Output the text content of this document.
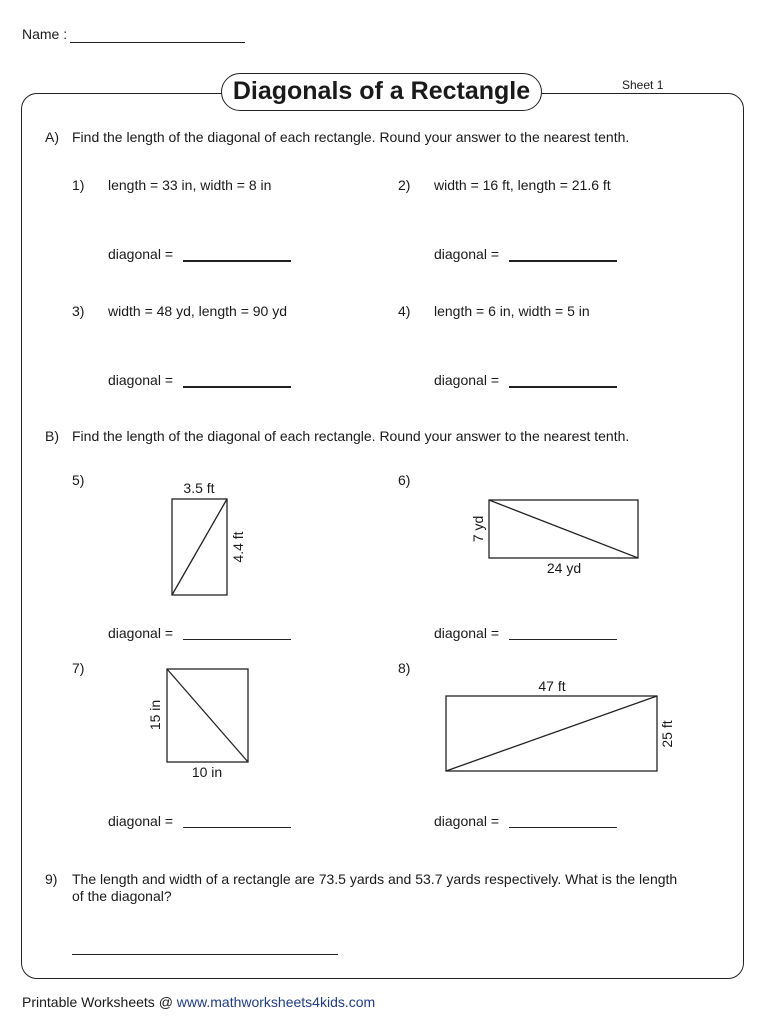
Name :
Sheet 1
Diagonals of a Rectangle
A) Find the length of the diagonal of each rectangle. Round your answer to the nearest tenth.
1) length = 33 in, width = 8 in
diagonal =
2) width = 16 ft, length = 21.6 ft
diagonal =
3) width = 48 yd, length = 90 yd
diagonal =
4) length = 6 in, width = 5 in
diagonal =
B) Find the length of the diagonal of each rectangle. Round your answer to the nearest tenth.
5)	3.5 ft
4.4 ft
diagonal =
6)
7 yd
24 yd
diagonal =
7)
15 in
10 in
diagonal =
8)
47 ft
25 ft
diagonal =
9) The length and width of a rectangle are 73.5 yards and 53.7 yards respectively. What is the length
of the diagonal?
Printable Worksheets @ www.mathworksheets4kids.com
